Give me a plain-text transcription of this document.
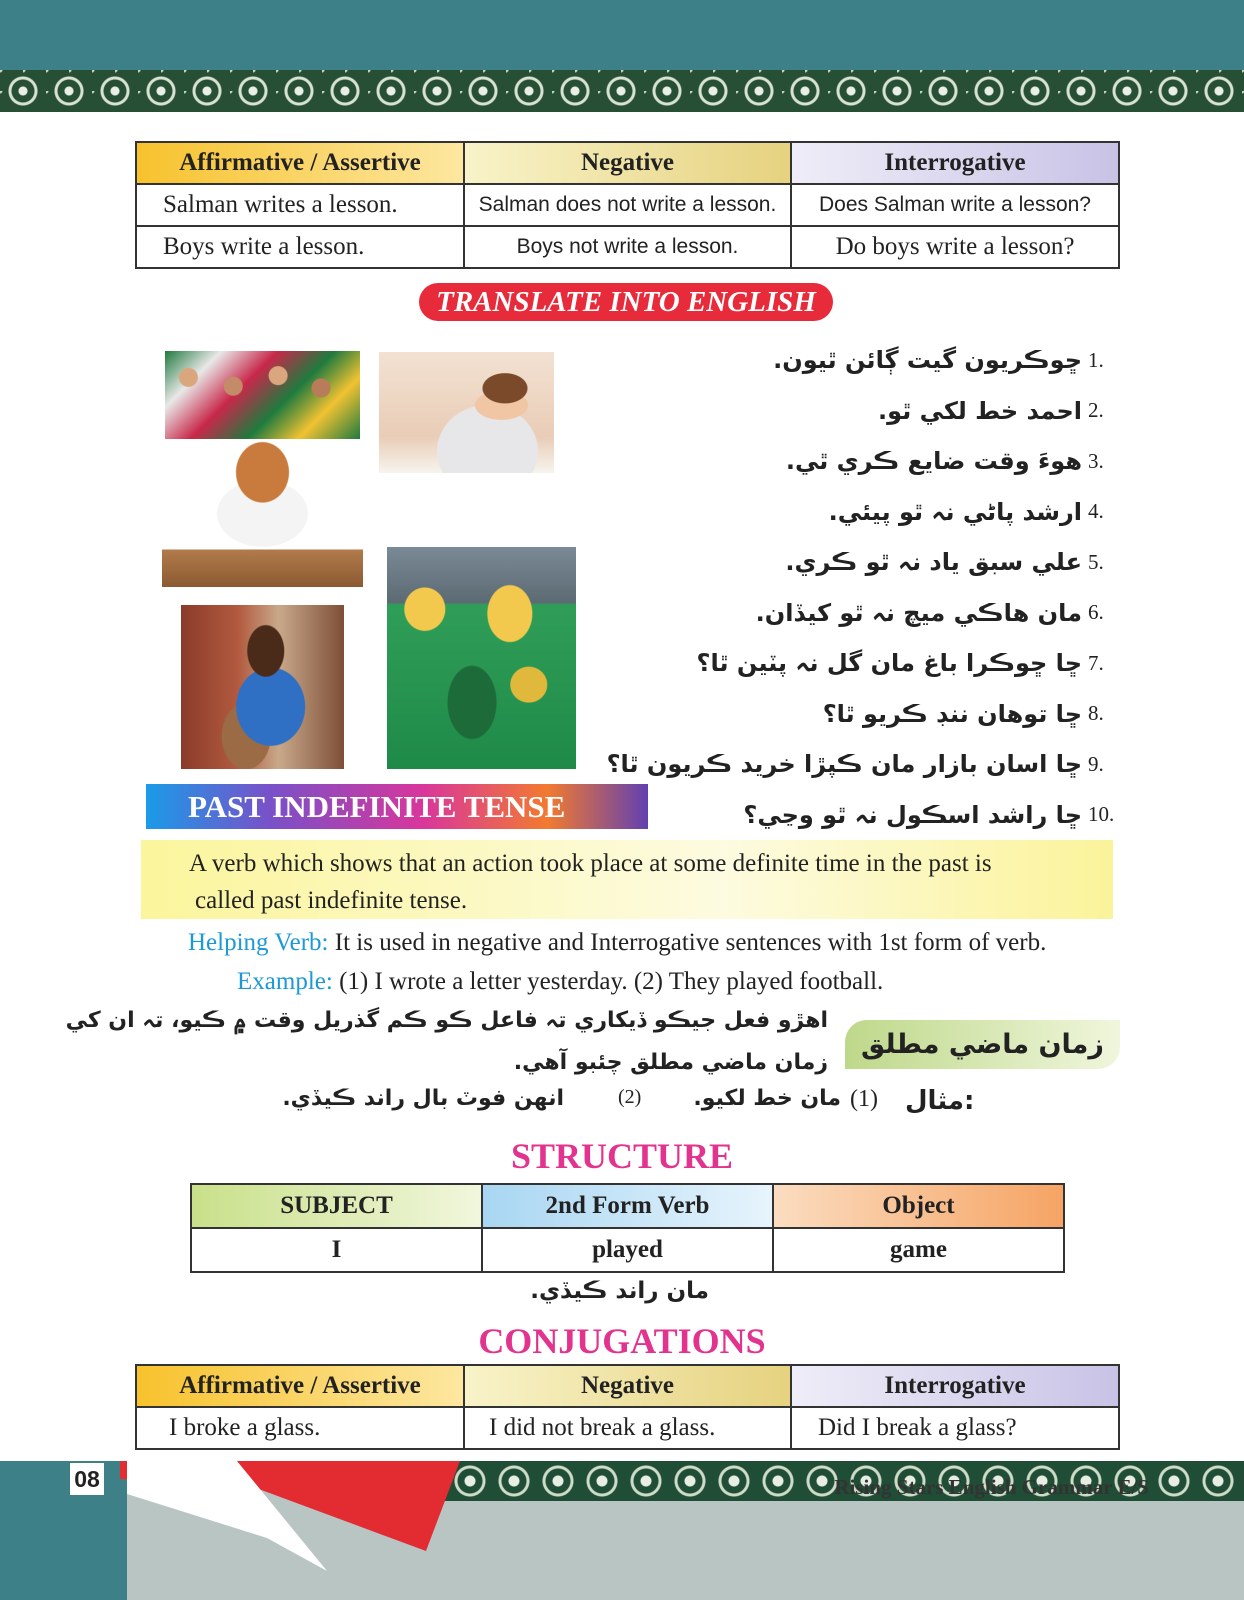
Affirmative / Assertive	Negative	Interrogative
Salman writes a lesson.	Salman does not write a lesson.	Does Salman write a lesson?
Boys write a lesson.	Boys not write a lesson.	Do boys write a lesson?
TRANSLATE INTO ENGLISH
ڇوڪريون گيت ڳائن ٿيون. 1.
احمد خط لکي ٿو. 2.
هوءَ وقت ضايع ڪري ٿي. 3.
ارشد پاڻي نہ ٿو پيئي. 4.
علي سبق ياد نہ ٿو ڪري. 5.
مان هاڪي ميچ نہ ٿو کيڏان. 6.
ڇا ڇوڪرا باغ مان گل نہ پٽين ٿا؟ 7.
ڇا توهان ننڊ ڪريو ٿا؟ 8.
ڇا اسان بازار مان ڪپڙا خريد ڪريون ٿا؟ 9.
ڇا راشد اسڪول نہ ٿو وڃي؟ 10.
PAST INDEFINITE TENSE
A verb which shows that an action took place at some definite time in the past is
called past indefinite tense.
Helping Verb: It is used in negative and Interrogative sentences with 1st form of verb.
Example: (1) I wrote a letter yesterday. (2) They played football.
اهڙو فعل جيڪو ڏيکاري تہ فاعل ڪو ڪم گذريل وقت ۾ ڪيو، تہ ان کي
زمان ماضي مطلق چئبو آهي.
زمان ماضي مطلق
مثال:
(1)
مان خط لکيو.
(2)
انهن فوٽ بال راند ڪيڏي.
STRUCTURE
SUBJECT	2nd Form Verb	Object
I	played	game
مان راند ڪيڏي.
CONJUGATIONS
Affirmative / Assertive	Negative	Interrogative
I broke a glass.	I did not break a glass.	Did I break a glass?
08	Rising Stars English Grammar E/S
